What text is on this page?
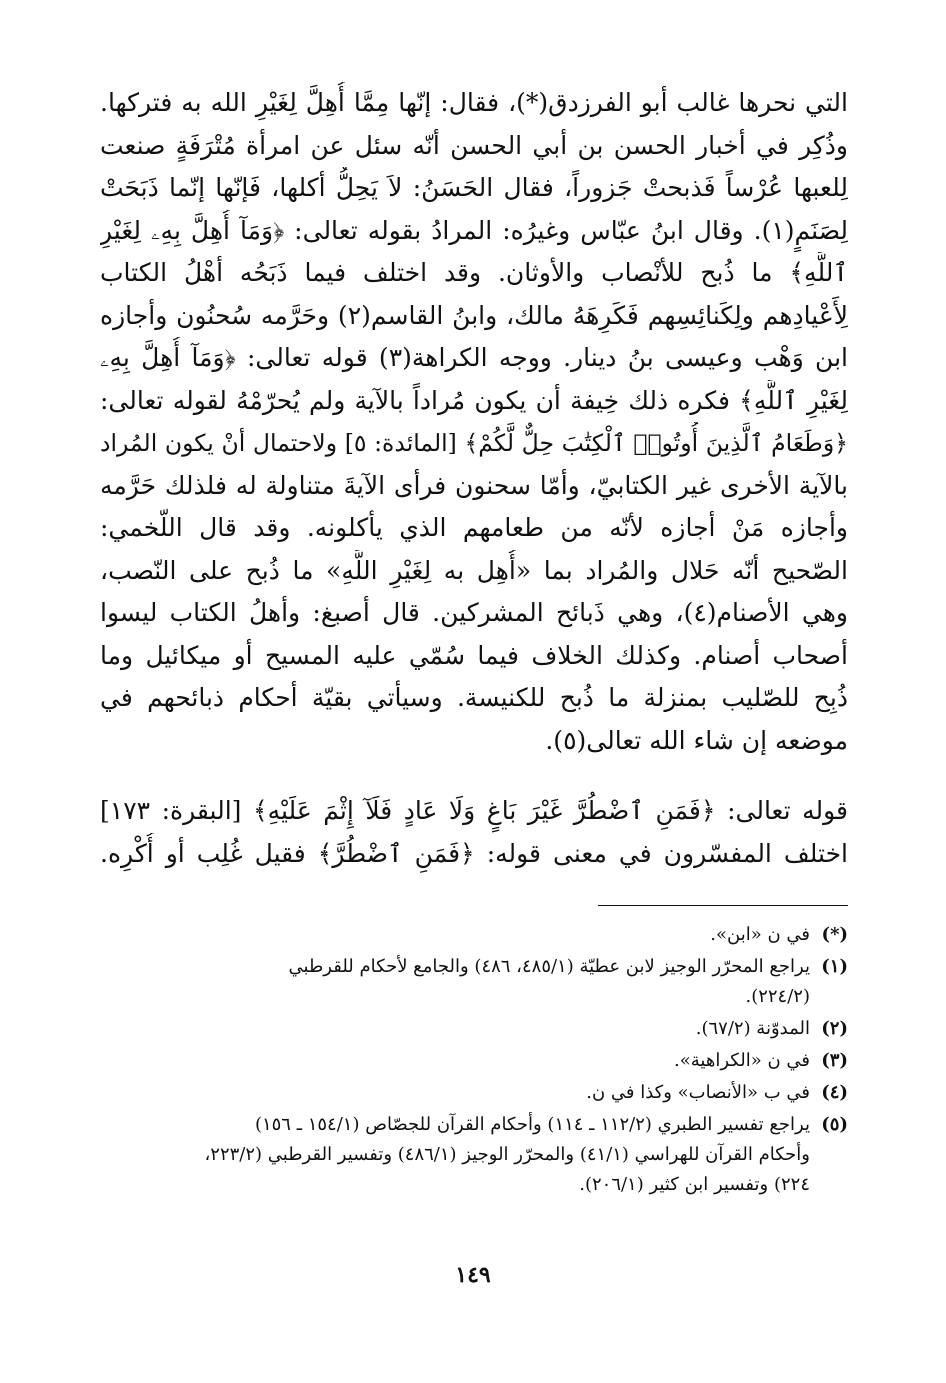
التي نحرها غالب أبو الفرزدق(*)، فقال: إنّها مِمَّا أُهِلَّ لِغَيْرِ الله به فتركها.
وذُكِر في أخبار الحسن بن أبي الحسن أنّه سئل عن امرأة مُتْرَفَةٍ صنعت
لِلعبها عُرْساً فَذبحتْ جَزوراً، فقال الحَسَنُ: لاَ يَحِلُّ أكلها، فَإنّها إنّما ذَبَحَتْ
لِصَنَمٍ(١). وقال ابنُ عبّاس وغيرُه: المرادُ بقوله تعالى: ﴿وَمَآ أُهِلَّ بِهِۦ لِغَيْرِ
ٱللَّهِ﴾ ما ذُبح للأنْصاب والأوثان. وقد اختلف فيما ذَبَحُه أهْلُ الكتاب
لِأَعْيادِهم ولِكَنائِسِهم فَكَرِهَهُ مالك، وابنُ القاسم(٢) وحَرَّمه سُحنُون وأجازه
ابن وَهْب وعيسى بنُ دينار. ووجه الكراهة(٣) قوله تعالى: ﴿وَمَآ أُهِلَّ بِهِۦ
لِغَيْرِ ٱللَّهِ﴾ فكره ذلك خِيفة أن يكون مُراداً بالآية ولم يُحرّمْهُ لقوله تعالى:
﴿وَطَعَامُ ٱلَّذِينَ أُوتُوا۟ ٱلْكِتَٰبَ حِلٌّ لَّكُمْ﴾ [المائدة: ٥] ولاحتمال أنْ يكون المُراد
بالآية الأخرى غير الكتابيّ، وأمّا سحنون فرأى الآيةَ متناولة له فلذلك حَرَّمه
وأجازه مَنْ أجازه لأنّه من طعامهم الذي يأكلونه. وقد قال اللّخمي:
الصّحيح أنّه حَلال والمُراد بما «أُهِل به لِغَيْرِ اللَّهِ» ما ذُبح على النّصب،
وهي الأصنام(٤)، وهي ذَبائح المشركين. قال أصبغ: وأهلُ الكتاب ليسوا
أصحاب أصنام. وكذلك الخلاف فيما سُمّي عليه المسيح أو ميكائيل وما
ذُبِح للصّليب بمنزلة ما ذُبح للكنيسة. وسيأتي بقيّة أحكام ذبائحهم في
موضعه إن شاء الله تعالى(٥).
قوله تعالى: ﴿فَمَنِ ٱضْطُرَّ غَيْرَ بَاغٍ وَلَا عَادٍ فَلَآ إِثْمَ عَلَيْهِ﴾ [البقرة: ١٧٣]
اختلف المفسّرون في معنى قوله: ﴿فَمَنِ ٱضْطُرَّ﴾ فقيل غُلِب أو أُكْرِه.
(*)
في ن «ابن».
(١)
يراجع المحرّر الوجيز لابن عطيّة (٤٨٥/١، ٤٨٦) والجامع لأحكام للقرطبي
(٢٢٤/٢).
(٢)
المدوّنة (٦٧/٢).
(٣)
في ن «الكراهية».
(٤)
في ب «الأنصاب» وكذا في ن.
(٥)
يراجع تفسير الطبري (١١٢/٢ ـ ١١٤) وأحكام القرآن للجصّاص (١٥٤/١ ـ ١٥٦)
وأحكام القرآن للهراسي (٤١/١) والمحرّر الوجيز (٤٨٦/١) وتفسير القرطبي (٢٢٣/٢،
٢٢٤) وتفسير ابن كثير (٢٠٦/١).
١٤٩
